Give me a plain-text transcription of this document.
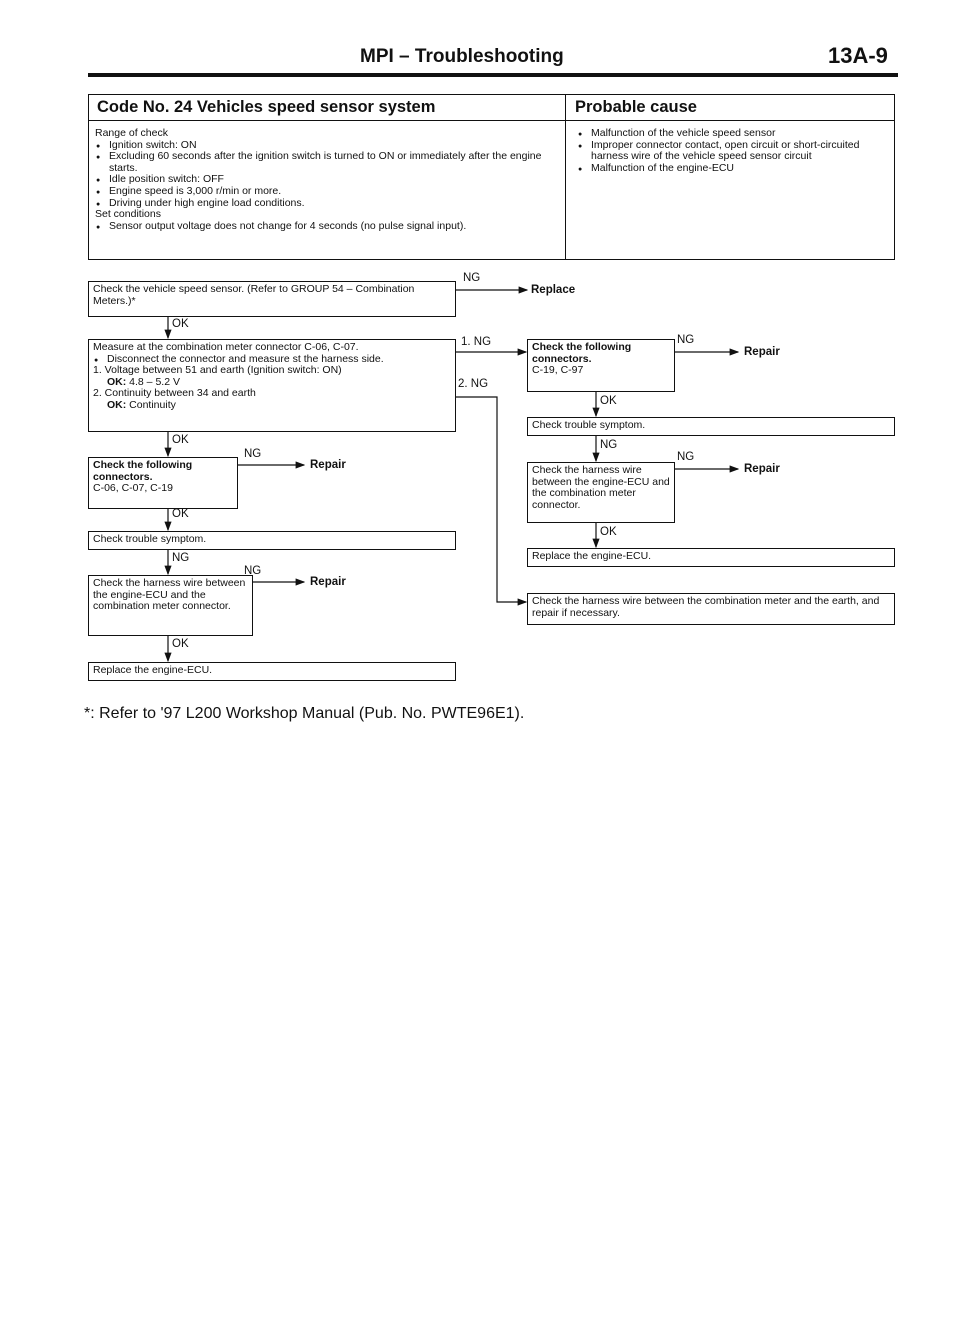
MPI – Troubleshooting	13A-9
Code No. 24 Vehicles speed sensor system	Probable cause
Range of check
● Ignition switch: ON
● Excluding 60 seconds after the ignition switch is turned to ON or immediately after the engine starts.
● Idle position switch: OFF
● Engine speed is 3,000 r/min or more.
● Driving under high engine load conditions.
Set conditions
● Sensor output voltage does not change for 4 seconds (no pulse signal input).
● Malfunction of the vehicle speed sensor
● Improper connector contact, open circuit or short-circuited harness wire of the vehicle speed sensor circuit
● Malfunction of the engine-ECU
Check the vehicle speed sensor. (Refer to GROUP 54 – Combination Meters.)*
Replace
NG
OK
Measure at the combination meter connector C-06, C-07.
● Disconnect the connector and measure st the harness side.
1. Voltage between 51 and earth (Ignition switch: ON)
OK: 4.8 – 5.2 V
2. Continuity between 34 and earth
OK: Continuity
1. NG
2. NG
OK
Check the following connectors.
C-06, C-07, C-19
NG
Repair
OK
Check trouble symptom.
NG
Check the harness wire between the engine-ECU and the combination meter connector.
NG
Repair
OK
Replace the engine-ECU.
Check the following connectors.
C-19, C-97
NG
Repair
OK
Check trouble symptom.
NG
Check the harness wire between the engine-ECU and the combination meter connector.
NG
Repair
OK
Replace the engine-ECU.
Check the harness wire between the combination meter and the earth, and repair if necessary.
*: Refer to '97 L200 Workshop Manual (Pub. No. PWTE96E1).
